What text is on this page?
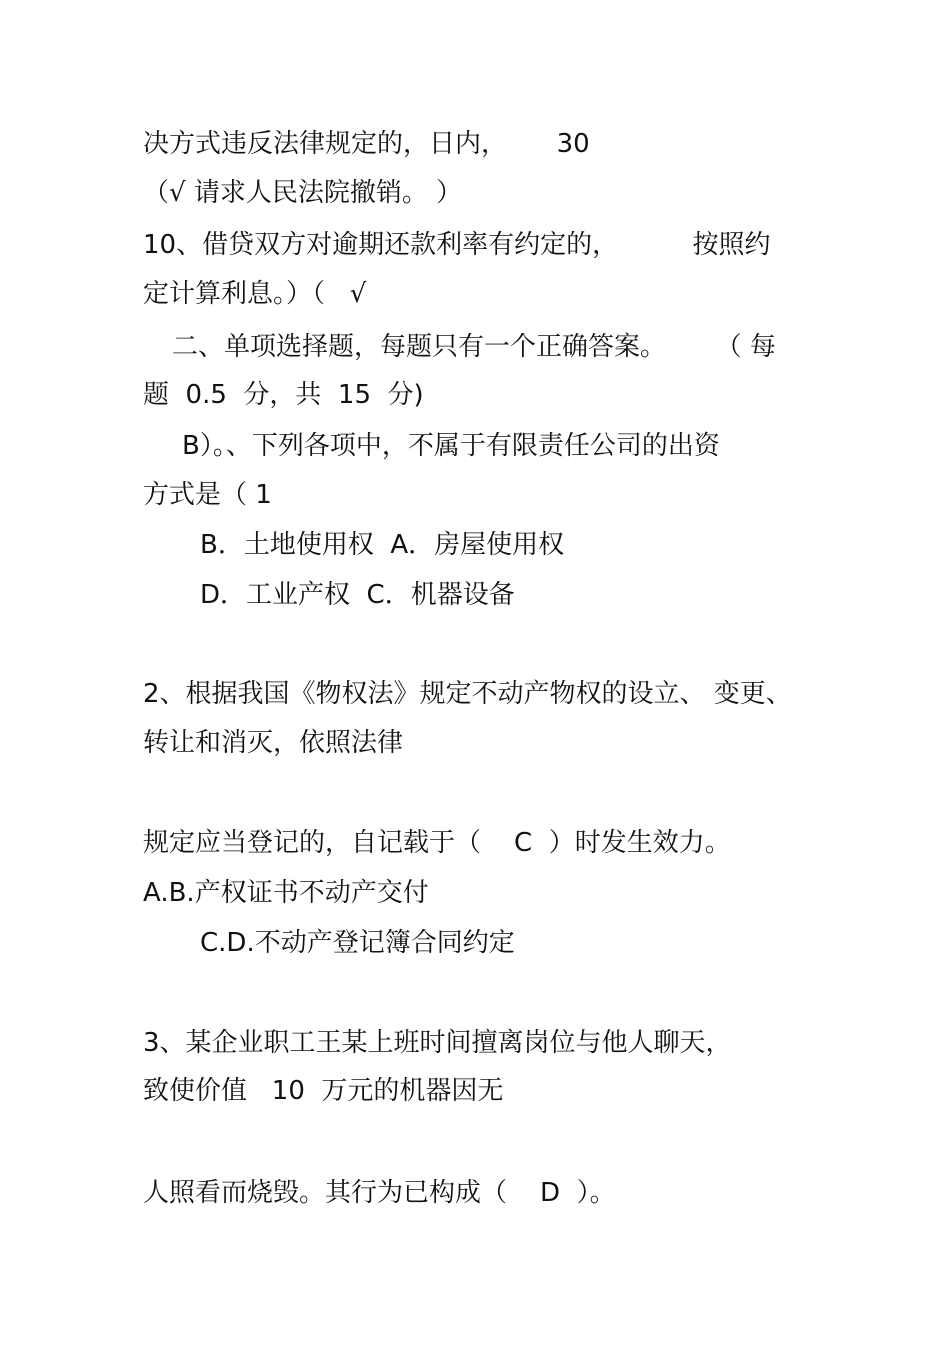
决方式违反法律规定的，日内，      30

（√ 请求人民法院撤销。 ）

10、借贷双方对逾期还款利率有约定的，         按照约

定计算利息。）（   √

二、单项选择题，每题只有一个正确答案。      （ 每

题  0.5  分，共  15  分)

B）。、下列各项中，不属于有限责任公司的出资

方式是（ 1

B．土地使用权  A．房屋使用权

D．工业产权  C．机器设备

2、根据我国《物权法》规定不动产物权的设立、 变更、

转让和消灭，依照法律

规定应当登记的，自记载于（    C  ）时发生效力。

A.B.产权证书不动产交付

C.D.不动产登记簿合同约定

3、某企业职工王某上班时间擅离岗位与他人聊天，

致使价值   10  万元的机器因无

人照看而烧毁。其行为已构成（    D  ）。
